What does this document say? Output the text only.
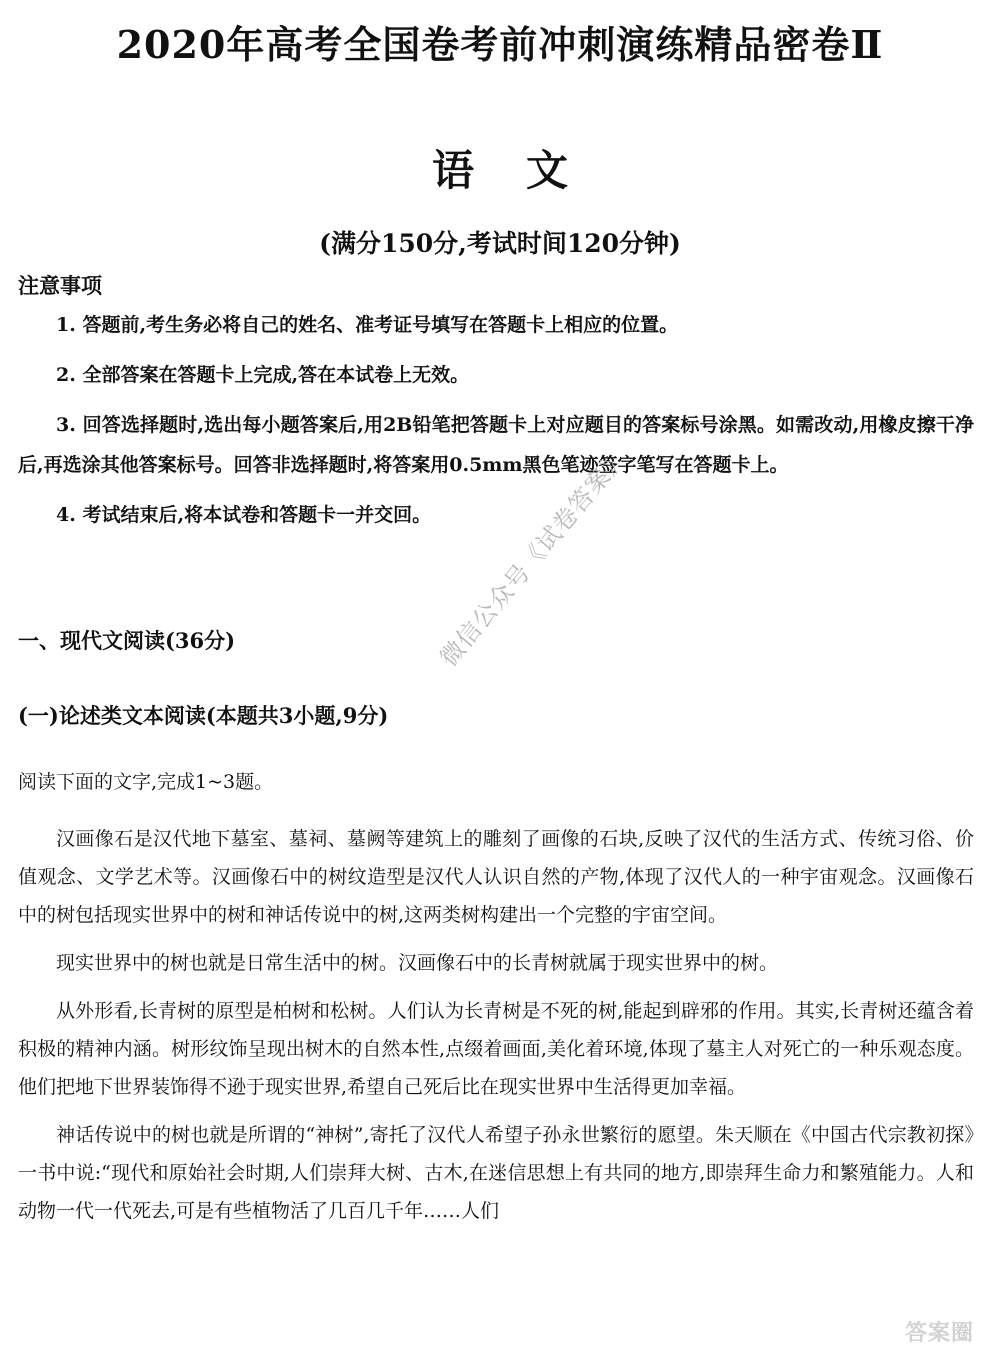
2020年高考全国卷考前冲刺演练精品密卷Ⅱ
语文
(满分150分,考试时间120分钟)
注意事项

1. 答题前,考生务必将自己的姓名、准考证号填写在答题卡上相应的位置。

2. 全部答案在答题卡上完成,答在本试卷上无效。

3. 回答选择题时,选出每小题答案后,用2B铅笔把答题卡上对应题目的答案标号涂黑。如需改动,用橡皮擦干净后,再选涂其他答案标号。回答非选择题时,将答案用0.5mm黑色笔迹签字笔写在答题卡上。

4. 考试结束后,将本试卷和答题卡一并交回。

一、现代文阅读(36分)
(一)论述类文本阅读(本题共3小题,9分)
阅读下面的文字,完成1~3题。

汉画像石是汉代地下墓室、墓祠、墓阙等建筑上的雕刻了画像的石块,反映了汉代的生活方式、传统习俗、价值观念、文学艺术等。汉画像石中的树纹造型是汉代人认识自然的产物,体现了汉代人的一种宇宙观念。汉画像石中的树包括现实世界中的树和神话传说中的树,这两类树构建出一个完整的宇宙空间。

现实世界中的树也就是日常生活中的树。汉画像石中的长青树就属于现实世界中的树。

从外形看,长青树的原型是柏树和松树。人们认为长青树是不死的树,能起到辟邪的作用。其实,长青树还蕴含着积极的精神内涵。树形纹饰呈现出树木的自然本性,点缀着画面,美化着环境,体现了墓主人对死亡的一种乐观态度。他们把地下世界装饰得不逊于现实世界,希望自己死后比在现实世界中生活得更加幸福。

神话传说中的树也就是所谓的“神树”,寄托了汉代人希望子孙永世繁衍的愿望。朱天顺在《中国古代宗教初探》一书中说:“现代和原始社会时期,人们崇拜大树、古木,在迷信思想上有共同的地方,即崇拜生命力和繁殖能力。人和动物一代一代死去,可是有些植物活了几百几千年……人们

微信公众号《试卷答案》
答案圈
